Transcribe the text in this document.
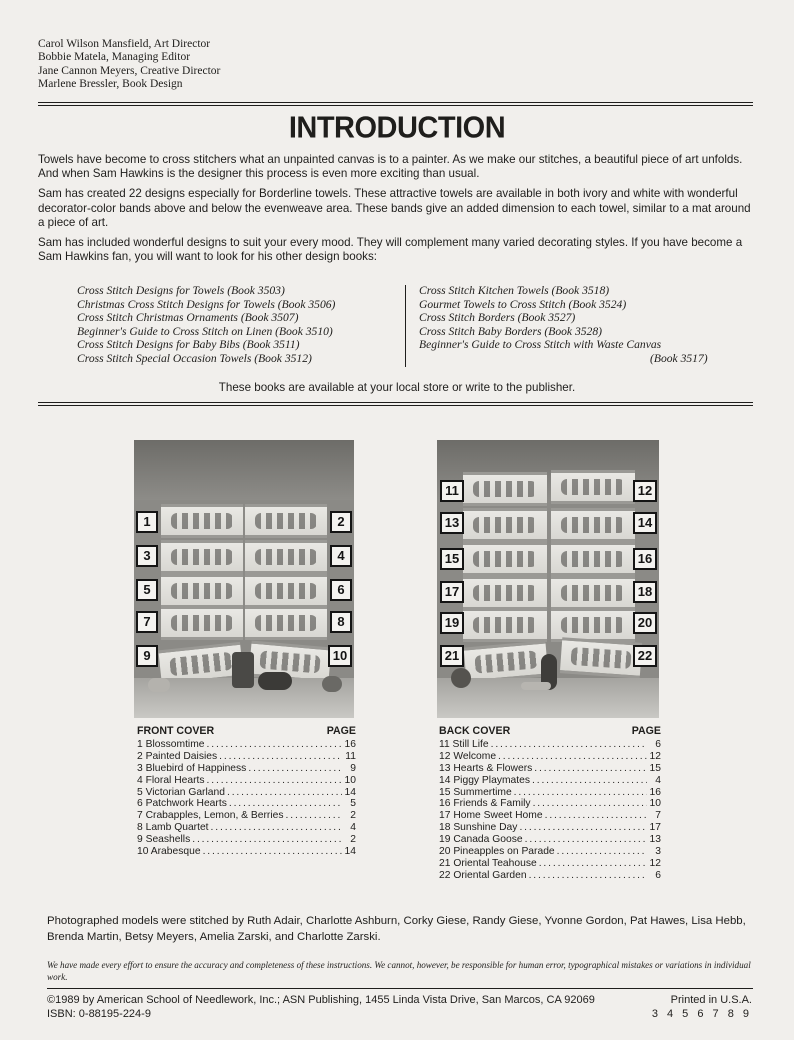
Carol Wilson Mansfield, Art Director
Bobbie Matela, Managing Editor
Jane Cannon Meyers, Creative Director
Marlene Bressler, Book Design
INTRODUCTION

Towels have become to cross stitchers what an unpainted canvas is to a painter. As we make our stitches, a beautiful piece of art unfolds. And when Sam Hawkins is the designer this process is even more exciting than usual.

Sam has created 22 designs especially for Borderline towels. These attractive towels are available in both ivory and white with wonderful decorator-color bands above and below the evenweave area. These bands give an added dimension to each towel, similar to a mat around a piece of art.

Sam has included wonderful designs to suit your every mood. They will complement many varied decorating styles. If you have become a Sam Hawkins fan, you will want to look for his other design books:

Cross Stitch Designs for Towels (Book 3503)
Christmas Cross Stitch Designs for Towels (Book 3506)
Cross Stitch Christmas Ornaments (Book 3507)
Beginner's Guide to Cross Stitch on Linen (Book 3510)
Cross Stitch Designs for Baby Bibs (Book 3511)
Cross Stitch Special Occasion Towels (Book 3512)
Cross Stitch Kitchen Towels (Book 3518)
Gourmet Towels to Cross Stitch (Book 3524)
Cross Stitch Borders (Book 3527)
Cross Stitch Baby Borders (Book 3528)
Beginner's Guide to Cross Stitch with Waste Canvas
(Book 3517)
These books are available at your local store or write to the publisher.
1	2
3	4
5	6
7	8
9	10
11	12
13	14
15	16
17	18
19	20
21	22
FRONT COVER	PAGE
1 Blossomtime . . .	16
2 Painted Daisies . . .	11
3 Bluebird of Happiness . . .	9
4 Floral Hearts . . .	10
5 Victorian Garland . . .	14
6 Patchwork Hearts . . .	5
7 Crabapples, Lemon, & Berries . . .	2
8 Lamb Quartet . . .	4
9 Seashells . . .	2
10 Arabesque . . .	14
BACK COVER	PAGE
11 Still Life . . .	6
12 Welcome . . .	12
13 Hearts & Flowers . . .	15
14 Piggy Playmates . . .	4
15 Summertime . . .	16
16 Friends & Family . . .	10
17 Home Sweet Home . . .	7
18 Sunshine Day . . .	17
19 Canada Goose . . .	13
20 Pineapples on Parade . . .	3
21 Oriental Teahouse . . .	12
22 Oriental Garden . . .	6
Photographed models were stitched by Ruth Adair, Charlotte Ashburn, Corky Giese, Randy Giese, Yvonne Gordon, Pat Hawes, Lisa Hebb, Brenda Martin, Betsy Meyers, Amelia Zarski, and Charlotte Zarski.
We have made every effort to ensure the accuracy and completeness of these instructions. We cannot, however, be responsible for human error, typographical mistakes or variations in individual work.
©1989 by American School of Needlework, Inc.; ASN Publishing, 1455 Linda Vista Drive, San Marcos, CA 92069
ISBN: 0-88195-224-9
Printed in U.S.A.
3 4 5 6 7 8 9
